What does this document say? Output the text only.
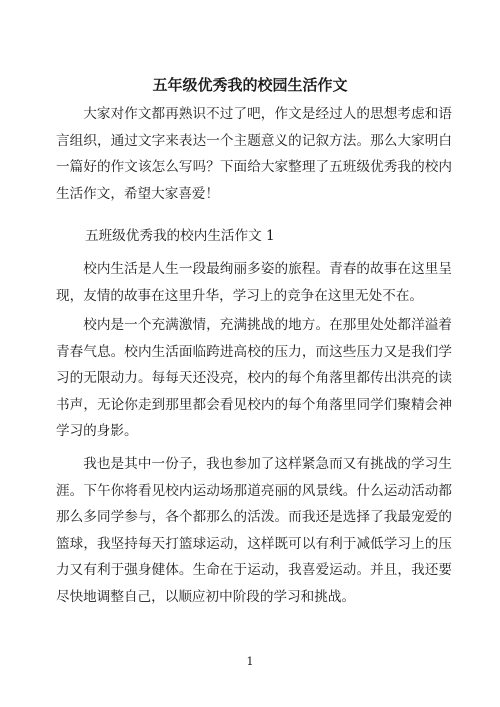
五年级优秀我的校园生活作文

大家对作文都再熟识不过了吧，作文是经过人的思想考虑和语言组织，通过文字来表达一个主题意义的记叙方法。那么大家明白一篇好的作文该怎么写吗？下面给大家整理了五班级优秀我的校内生活作文，希望大家喜爱！

五班级优秀我的校内生活作文 1

校内生活是人生一段最绚丽多姿的旅程。青春的故事在这里呈现，友情的故事在这里升华，学习上的竞争在这里无处不在。

校内是一个充满激情，充满挑战的地方。在那里处处都洋溢着青春气息。校内生活面临跨进高校的压力，而这些压力又是我们学习的无限动力。每每天还没亮，校内的每个角落里都传出洪亮的读书声，无论你走到那里都会看见校内的每个角落里同学们聚精会神学习的身影。

我也是其中一份子，我也参加了这样紧急而又有挑战的学习生涯。下午你将看见校内运动场那道亮丽的风景线。什么运动活动都那么多同学参与，各个都那么的活泼。而我还是选择了我最宠爱的篮球，我坚持每天打篮球运动，这样既可以有利于减低学习上的压力又有利于强身健体。生命在于运动，我喜爱运动。并且，我还要尽快地调整自己，以顺应初中阶段的学习和挑战。

1
